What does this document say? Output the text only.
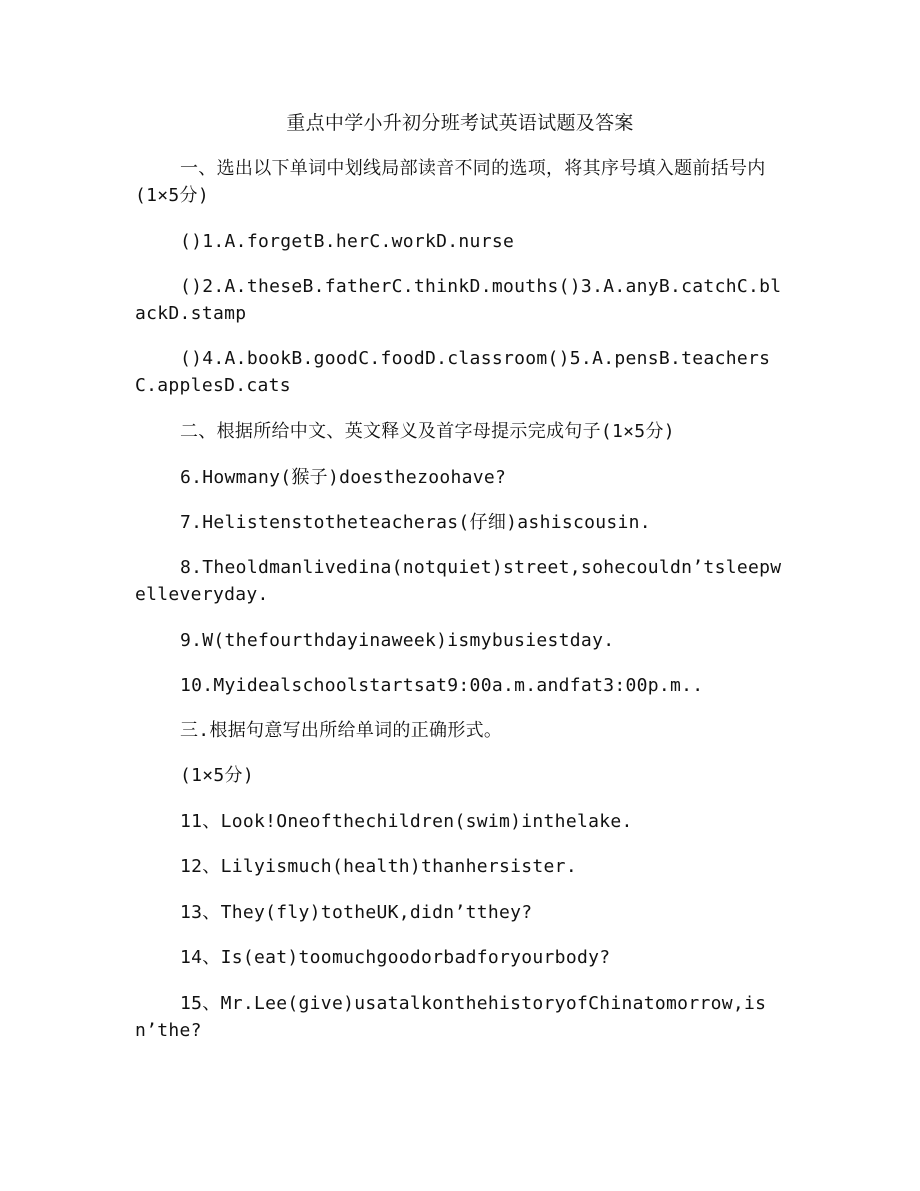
重点中学小升初分班考试英语试题及答案
一、选出以下单词中划线局部读音不同的选项，将其序号填入题前括号内(1×5分)
()1.A.forgetB.herC.workD.nurse
()2.A.theseB.fatherC.thinkD.mouths()3.A.anyB.catchC.blackD.stamp
()4.A.bookB.goodC.foodD.classroom()5.A.pensB.teachersC.applesD.cats
二、根据所给中文、英文释义及首字母提示完成句子(1×5分)
6.Howmany(猴子)doesthezoohave?
7.Helistenstotheteacheras(仔细)ashiscousin.
8.Theoldmanlivedina(notquiet)street,sohecouldn’tsleepwelleveryday.
9.W(thefourthdayinaweek)ismybusiestday.
10.Myidealschoolstartsat9:00a.m.andfat3:00p.m..
三.根据句意写出所给单词的正确形式。
(1×5分)
11、Look!Oneofthechildren(swim)inthelake.
12、Lilyismuch(health)thanhersister.
13、They(fly)totheUK,didn’tthey?
14、Is(eat)toomuchgoodorbadforyourbody?
15、Mr.Lee(give)usatalkonthehistoryofChinatomorrow,isn’the?
